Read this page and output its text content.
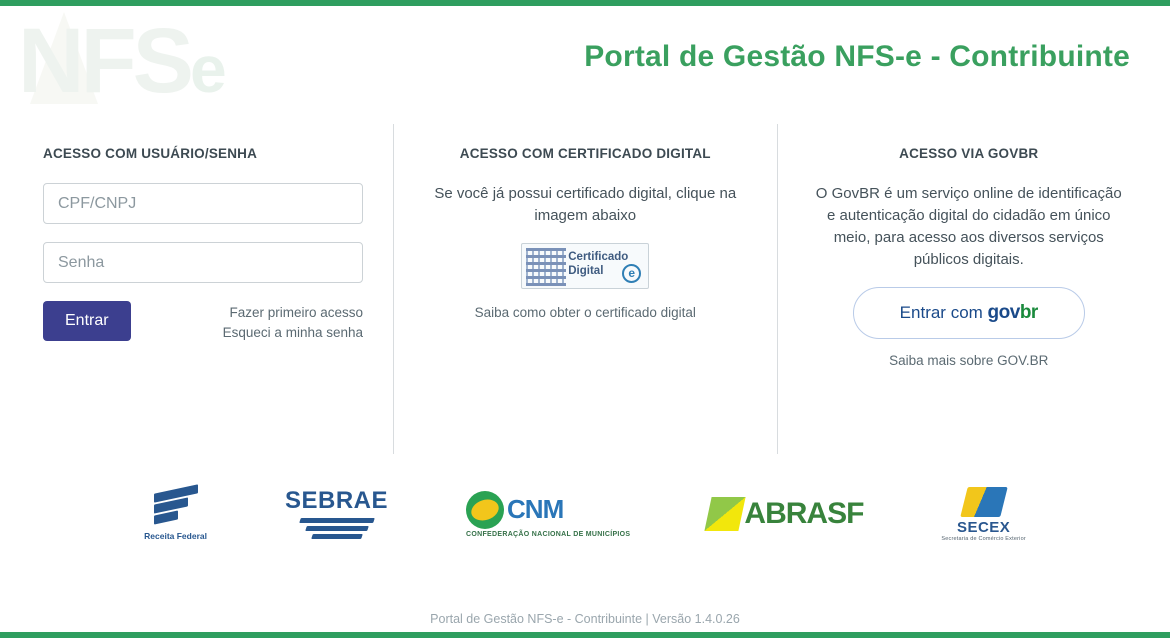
NFSe	Portal de Gestão NFS-e - Contribuinte
ACESSO COM USUÁRIO/SENHA
CPF/CNPJ
Entrar	Fazer primeiro acesso
Esqueci a minha senha
ACESSO COM CERTIFICADO DIGITAL
Se você já possui certificado digital, clique na imagem abaixo
Certificado
Digital	e
Saiba como obter o certificado digital
ACESSO VIA GOVBR
O GovBR é um serviço online de identificação e autenticação digital do cidadão em único meio, para acesso aos diversos serviços públicos digitais.
Entrar com govbr
Saiba mais sobre GOV.BR
Receita Federal
SEBRAE	CNM
CONFEDERAÇÃO NACIONAL DE MUNICÍPIOS
ABRASF	SECEX
Secretaria de Comércio Exterior
Portal de Gestão NFS-e - Contribuinte | Versão 1.4.0.26
